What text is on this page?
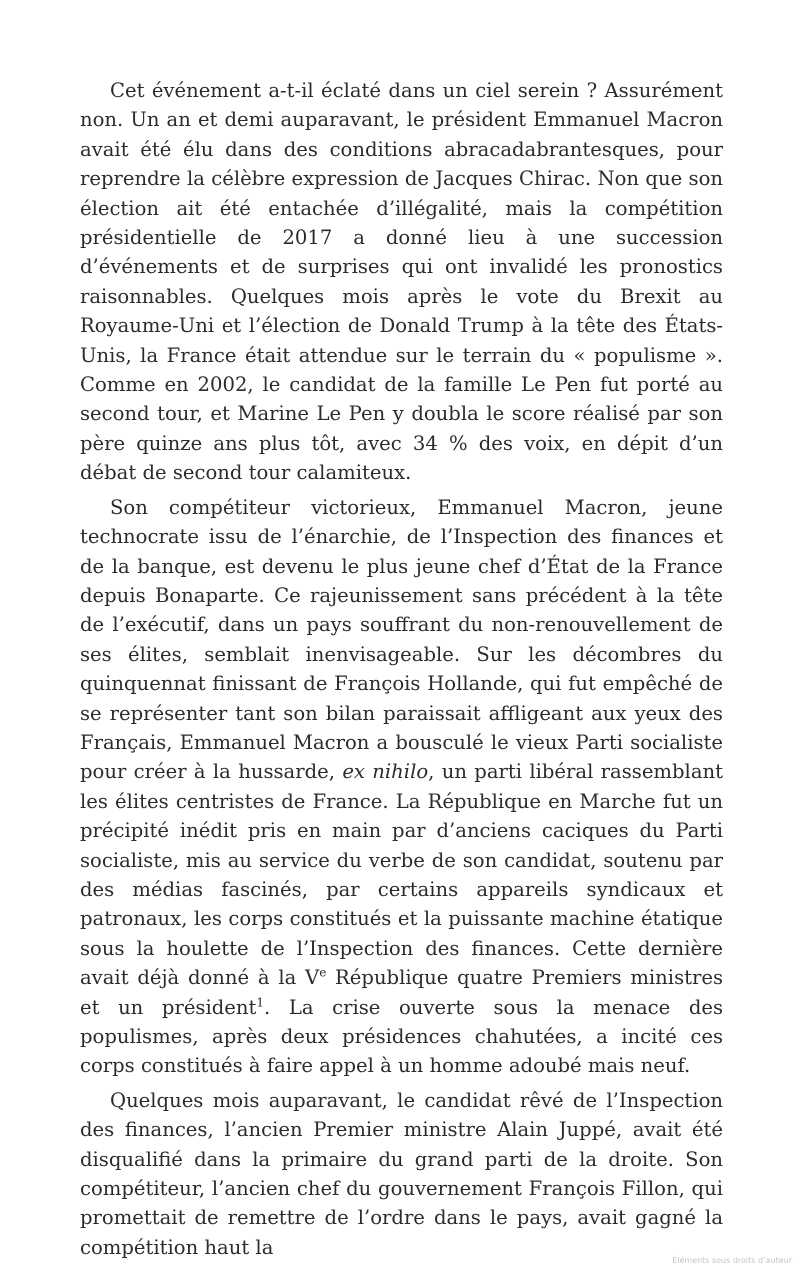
Cet événement a-t-il éclaté dans un ciel serein ? Assurément non. Un an et demi auparavant, le président Emmanuel Macron avait été élu dans des conditions abracadabrantesques, pour reprendre la célèbre expression de Jacques Chirac. Non que son élection ait été entachée d’illégalité, mais la compétition présidentielle de 2017 a donné lieu à une succession d’événements et de surprises qui ont invalidé les pronostics raisonnables. Quelques mois après le vote du Brexit au Royaume-Uni et l’élection de Donald Trump à la tête des États-Unis, la France était attendue sur le terrain du « populisme ». Comme en 2002, le candidat de la famille Le Pen fut porté au second tour, et Marine Le Pen y doubla le score réalisé par son père quinze ans plus tôt, avec 34 % des voix, en dépit d’un débat de second tour calamiteux.

Son compétiteur victorieux, Emmanuel Macron, jeune technocrate issu de l’énarchie, de l’Inspection des finances et de la banque, est devenu le plus jeune chef d’État de la France depuis Bonaparte. Ce rajeunissement sans précédent à la tête de l’exécutif, dans un pays souffrant du non-renouvellement de ses élites, semblait inenvisageable. Sur les décombres du quinquennat finissant de François Hollande, qui fut empêché de se représenter tant son bilan paraissait affligeant aux yeux des Français, Emmanuel Macron a bousculé le vieux Parti socialiste pour créer à la hussarde, ex nihilo, un parti libéral rassemblant les élites centristes de France. La République en Marche fut un précipité inédit pris en main par d’anciens caciques du Parti socialiste, mis au service du verbe de son candidat, soutenu par des médias fascinés, par certains appareils syndicaux et patronaux, les corps constitués et la puissante machine étatique sous la houlette de l’Inspection des finances. Cette dernière avait déjà donné à la Ve République quatre Premiers ministres et un président$^1$. La crise ouverte sous la menace des populismes, après deux présidences chahutées, a incité ces corps constitués à faire appel à un homme adoubé mais neuf.

Quelques mois auparavant, le candidat rêvé de l’Inspection des finances, l’ancien Premier ministre Alain Juppé, avait été disqualifié dans la primaire du grand parti de la droite. Son compétiteur, l’ancien chef du gouvernement François Fillon, qui promettait de remettre de l’ordre dans le pays, avait gagné la compétition haut la

Éléments sous droits d’auteur
